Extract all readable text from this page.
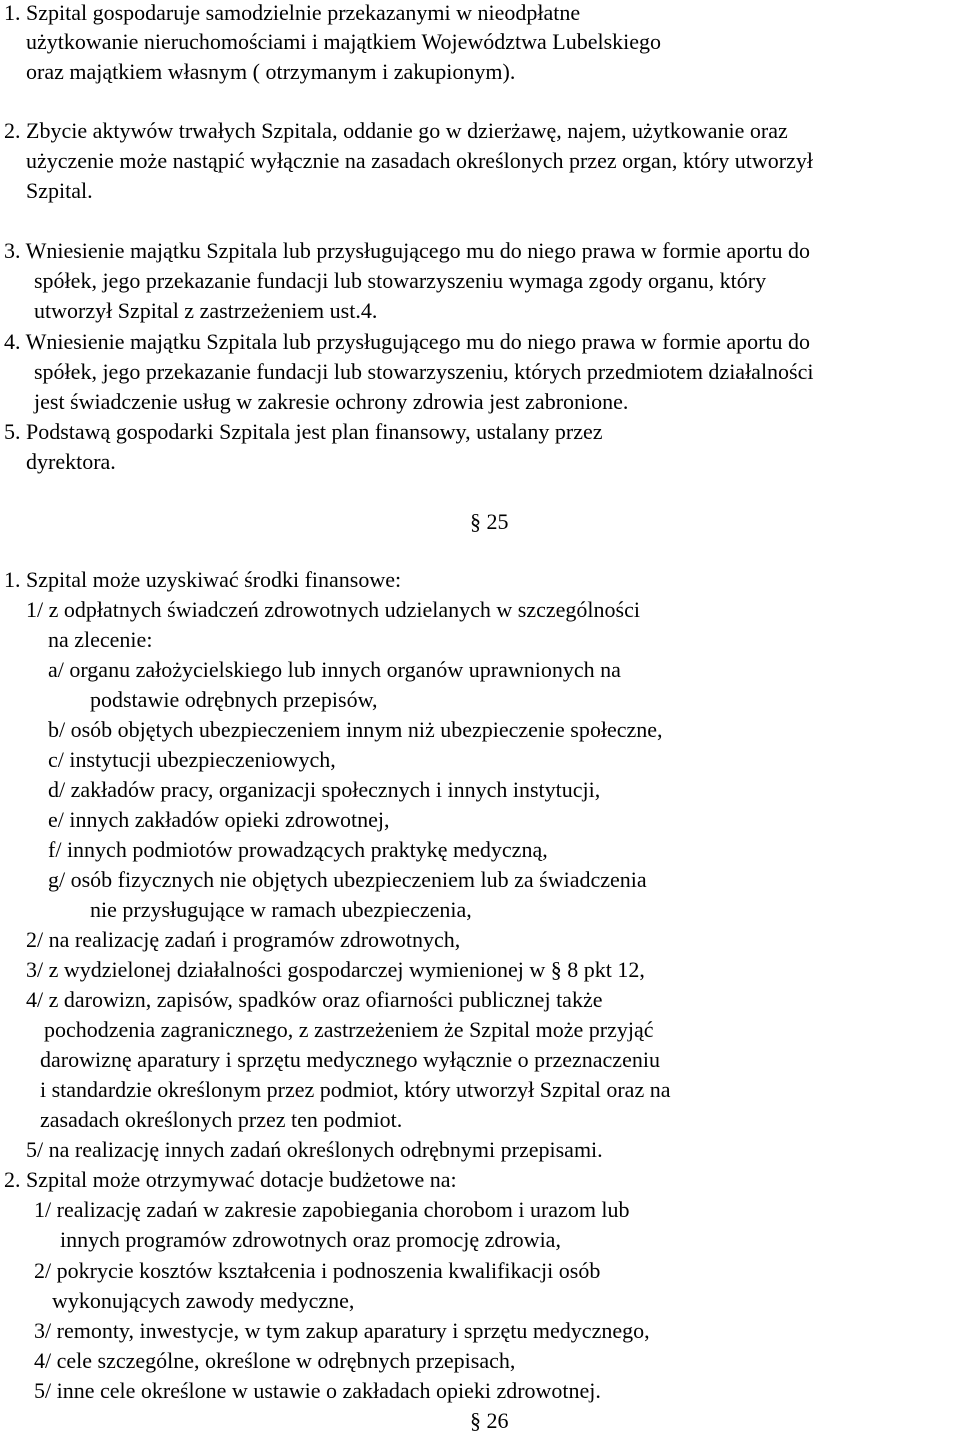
1. Szpital gospodaruje samodzielnie przekazanymi w nieodpłatne
użytkowanie nieruchomościami i majątkiem Województwa Lubelskiego
oraz majątkiem własnym ( otrzymanym i zakupionym).
2. Zbycie aktywów trwałych Szpitala, oddanie go w dzierżawę, najem, użytkowanie oraz
użyczenie może nastąpić wyłącznie na zasadach określonych przez organ, który utworzył
Szpital.
3. Wniesienie majątku Szpitala lub przysługującego mu do niego prawa w formie aportu do
spółek, jego przekazanie fundacji lub stowarzyszeniu wymaga zgody organu, który
utworzył Szpital z zastrzeżeniem ust.4.
4. Wniesienie majątku Szpitala lub przysługującego mu do niego prawa w formie aportu do
spółek, jego przekazanie fundacji lub stowarzyszeniu, których przedmiotem działalności
jest świadczenie usług w zakresie ochrony zdrowia jest zabronione.
5. Podstawą gospodarki Szpitala jest plan finansowy, ustalany przez
dyrektora.
§ 25
1. Szpital może uzyskiwać środki finansowe:
1/ z odpłatnych świadczeń zdrowotnych udzielanych w szczególności
na zlecenie:
a/ organu założycielskiego lub innych organów uprawnionych na
podstawie odrębnych przepisów,
b/ osób objętych ubezpieczeniem innym niż ubezpieczenie społeczne,
c/ instytucji ubezpieczeniowych,
d/ zakładów pracy, organizacji społecznych i innych instytucji,
e/ innych zakładów opieki zdrowotnej,
f/ innych podmiotów prowadzących praktykę medyczną,
g/ osób fizycznych nie objętych ubezpieczeniem lub za świadczenia
nie przysługujące w ramach ubezpieczenia,
2/ na realizację zadań i programów zdrowotnych,
3/ z wydzielonej działalności gospodarczej wymienionej w § 8 pkt 12,
4/ z darowizn, zapisów, spadków oraz ofiarności publicznej także
pochodzenia zagranicznego, z zastrzeżeniem że Szpital może przyjąć
darowiznę aparatury i sprzętu medycznego wyłącznie o przeznaczeniu
i standardzie określonym przez podmiot, który utworzył Szpital oraz na
zasadach określonych przez ten podmiot.
5/ na realizację innych zadań określonych odrębnymi przepisami.
2. Szpital może otrzymywać dotacje budżetowe na:
1/ realizację zadań w zakresie zapobiegania chorobom i urazom lub
innych programów zdrowotnych oraz promocję zdrowia,
2/ pokrycie kosztów kształcenia i podnoszenia kwalifikacji osób
wykonujących zawody medyczne,
3/ remonty, inwestycje, w tym zakup aparatury i sprzętu medycznego,
4/ cele szczególne, określone w odrębnych przepisach,
5/ inne cele określone w ustawie o zakładach opieki zdrowotnej.
§ 26
